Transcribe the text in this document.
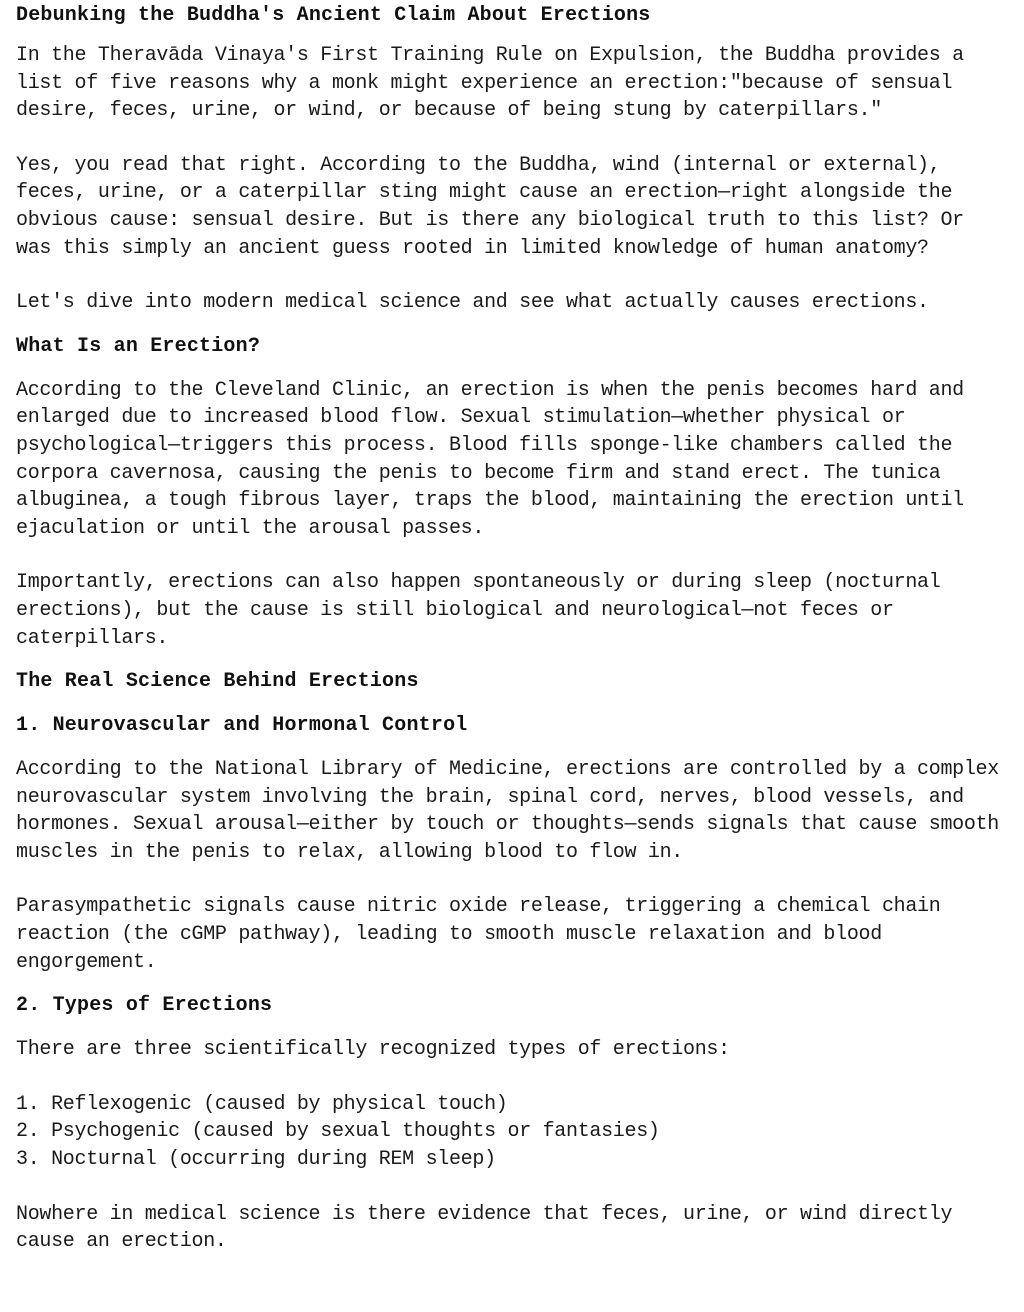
Debunking the Buddha's Ancient Claim About Erections

In the Theravāda Vinaya's First Training Rule on Expulsion, the Buddha provides a list of five reasons why a monk might experience an erection:"because of sensual desire, feces, urine, or wind, or because of being stung by caterpillars."

Yes, you read that right. According to the Buddha, wind (internal or external), feces, urine, or a caterpillar sting might cause an erection—right alongside the obvious cause: sensual desire. But is there any biological truth to this list? Or was this simply an ancient guess rooted in limited knowledge of human anatomy?

Let's dive into modern medical science and see what actually causes erections.

What Is an Erection?

According to the Cleveland Clinic, an erection is when the penis becomes hard and enlarged due to increased blood flow. Sexual stimulation—whether physical or psychological—triggers this process. Blood fills sponge-like chambers called the corpora cavernosa, causing the penis to become firm and stand erect. The tunica albuginea, a tough fibrous layer, traps the blood, maintaining the erection until ejaculation or until the arousal passes.

Importantly, erections can also happen spontaneously or during sleep (nocturnal erections), but the cause is still biological and neurological—not feces or caterpillars.

The Real Science Behind Erections
1. Neurovascular and Hormonal Control

According to the National Library of Medicine, erections are controlled by a complex neurovascular system involving the brain, spinal cord, nerves, blood vessels, and hormones. Sexual arousal—either by touch or thoughts—sends signals that cause smooth muscles in the penis to relax, allowing blood to flow in.

Parasympathetic signals cause nitric oxide release, triggering a chemical chain reaction (the cGMP pathway), leading to smooth muscle relaxation and blood engorgement.

2. Types of Erections

There are three scientifically recognized types of erections:

1. Reflexogenic (caused by physical touch)
2. Psychogenic (caused by sexual thoughts or fantasies)
3. Nocturnal (occurring during REM sleep)

Nowhere in medical science is there evidence that feces, urine, or wind directly cause an erection.
